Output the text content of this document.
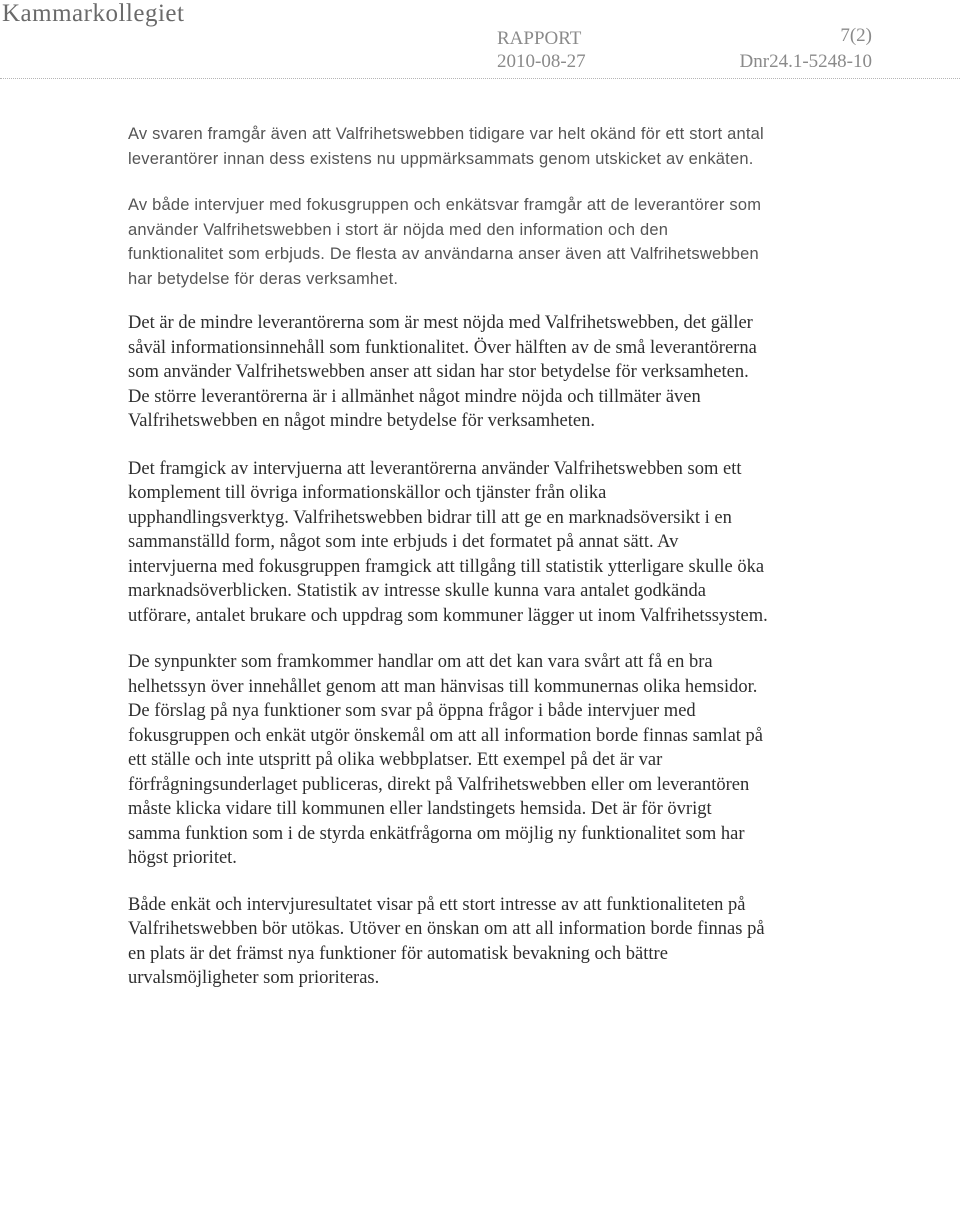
Kammarkollegiet
RAPPORT
2010-08-27
7(2)
Dnr24.1-5248-10

Av svaren framgår även att Valfrihetswebben tidigare var helt okänd för ett stort antal leverantörer innan dess existens nu uppmärksammats genom utskicket av enkäten.

Av både intervjuer med fokusgruppen och enkätsvar framgår att de leverantörer som använder Valfrihetswebben i stort är nöjda med den information och den funktionalitet som erbjuds. De flesta av användarna anser även att Valfrihetswebben har betydelse för deras verksamhet.

Det är de mindre leverantörerna som är mest nöjda med Valfrihetswebben, det gäller såväl informationsinnehåll som funktionalitet. Över hälften av de små leverantörerna som använder Valfrihetswebben anser att sidan har stor betydelse för verksamheten. De större leverantörerna är i allmänhet något mindre nöjda och tillmäter även Valfrihetswebben en något mindre betydelse för verksamheten.

Det framgick av intervjuerna att leverantörerna använder Valfrihetswebben som ett komplement till övriga informationskällor och tjänster från olika upphandlingsverktyg. Valfrihetswebben bidrar till att ge en marknadsöversikt i en sammanställd form, något som inte erbjuds i det formatet på annat sätt. Av intervjuerna med fokusgruppen framgick att tillgång till statistik ytterligare skulle öka marknadsöverblicken. Statistik av intresse skulle kunna vara antalet godkända utförare, antalet brukare och uppdrag som kommuner lägger ut inom Valfrihetssystem.

De synpunkter som framkommer handlar om att det kan vara svårt att få en bra helhetssyn över innehållet genom att man hänvisas till kommunernas olika hemsidor. De förslag på nya funktioner som svar på öppna frågor i både intervjuer med fokusgruppen och enkät utgör önskemål om att all information borde finnas samlat på ett ställe och inte utspritt på olika webbplatser. Ett exempel på det är var förfrågningsunderlaget publiceras, direkt på Valfrihetswebben eller om leverantören måste klicka vidare till kommunen eller landstingets hemsida. Det är för övrigt samma funktion som i de styrda enkätfrågorna om möjlig ny funktionalitet som har högst prioritet.

Både enkät och intervjuresultatet visar på ett stort intresse av att funktionaliteten på Valfrihetswebben bör utökas. Utöver en önskan om att all information borde finnas på en plats är det främst nya funktioner för automatisk bevakning och bättre urvalsmöjligheter som prioriteras.
